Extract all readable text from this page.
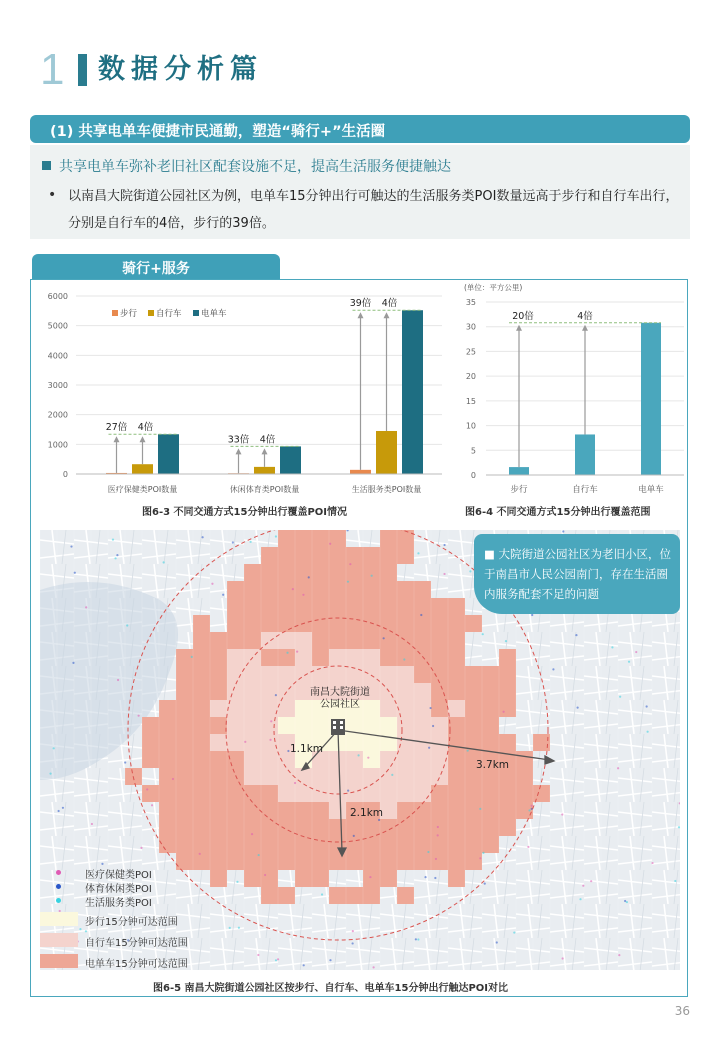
1 数据分析篇
(1) 共享电单车便捷市民通勤，塑造“骑行+”生活圈
共享电单车弥补老旧社区配套设施不足，提高生活服务便捷触达
• 以南昌大院街道公园社区为例，电单车15分钟出行可触达的生活服务类POI数量远高于步行和自行车出行，分别是自行车的4倍，步行的39倍。
骑行+服务
0
1000
2000
3000
4000
5000
6000
27倍 4倍
33倍 4倍
39倍 4倍
医疗保健类POI数量	休闲体育类POI数量	生活服务类POI数量
步行 自行车 电单车
图6-3 不同交通方式15分钟出行覆盖POI情况
0
5
10
15
20
25
30
35
20倍	4倍
步行	自行车	电单车
(单位：平方公里)
图6-4 不同交通方式15分钟出行覆盖范围
南昌大院街道公园社区
1.1km
2.1km
3.7km
■ 大院街道公园社区为老旧小区，位于南昌市人民公园南门，存在生活圈内服务配套不足的问题
医疗保健类POI
体育休闲类POI
生活服务类POI
步行15分钟可达范围
自行车15分钟可达范围
电单车15分钟可达范围
图6-5 南昌大院街道公园社区按步行、自行车、电单车15分钟出行触达POI对比
36
